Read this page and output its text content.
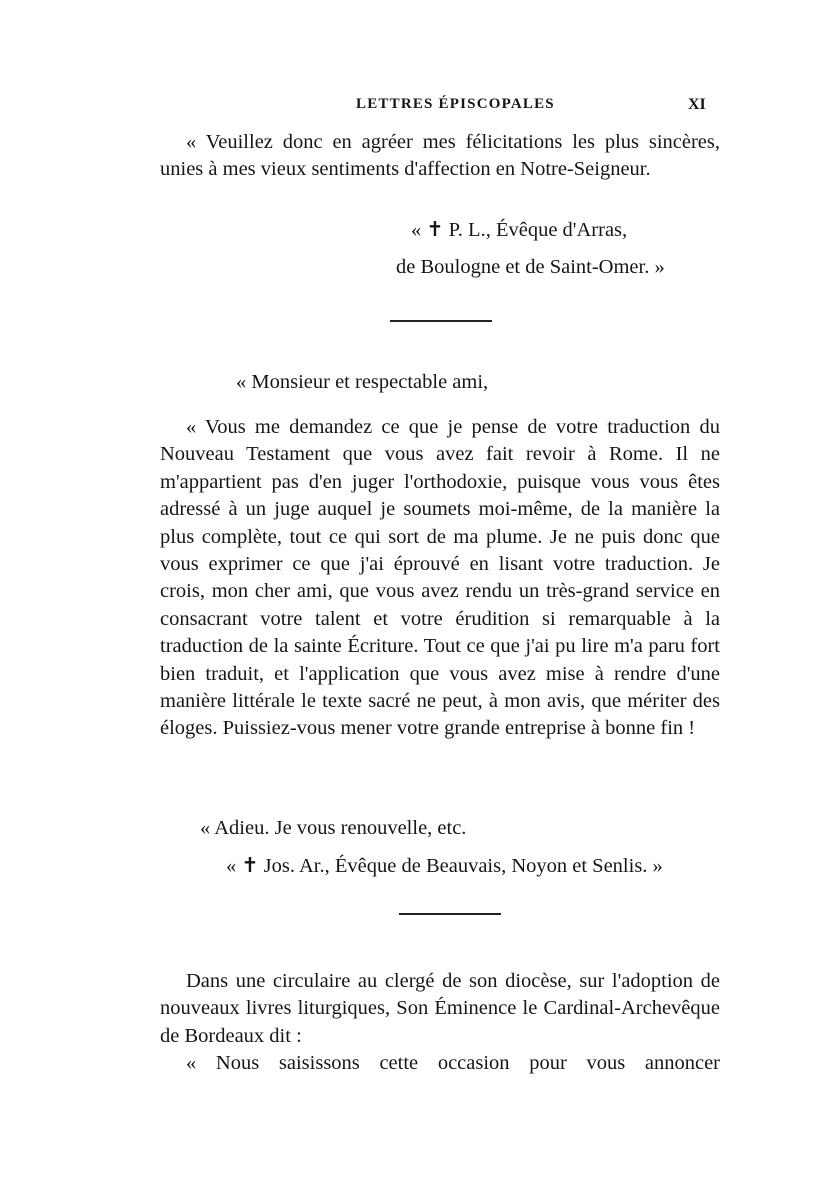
LETTRES ÉPISCOPALES	XI

« Veuillez donc en agréer mes félicitations les plus sincères, unies à mes vieux sentiments d'affection en Notre-Seigneur.

« ✝ P. L., Évêque d'Arras,
de Boulogne et de Saint-Omer. »
« Monsieur et respectable ami,

« Vous me demandez ce que je pense de votre traduction du Nouveau Testament que vous avez fait revoir à Rome. Il ne m'appartient pas d'en juger l'orthodoxie, puisque vous vous êtes adressé à un juge auquel je soumets moi-même, de la manière la plus complète, tout ce qui sort de ma plume. Je ne puis donc que vous exprimer ce que j'ai éprouvé en lisant votre traduction. Je crois, mon cher ami, que vous avez rendu un très-grand service en consacrant votre talent et votre érudition si remarquable à la traduction de la sainte Écriture. Tout ce que j'ai pu lire m'a paru fort bien traduit, et l'application que vous avez mise à rendre d'une manière littérale le texte sacré ne peut, à mon avis, que mériter des éloges. Puissiez-vous mener votre grande entreprise à bonne fin !

« Adieu. Je vous renouvelle, etc.
« ✝ Jos. Ar., Évêque de Beauvais, Noyon et Senlis. »

Dans une circulaire au clergé de son diocèse, sur l'adoption de nouveaux livres liturgiques, Son Éminence le Cardinal-Archevêque de Bordeaux dit :

« Nous saisissons cette occasion pour vous annoncer
